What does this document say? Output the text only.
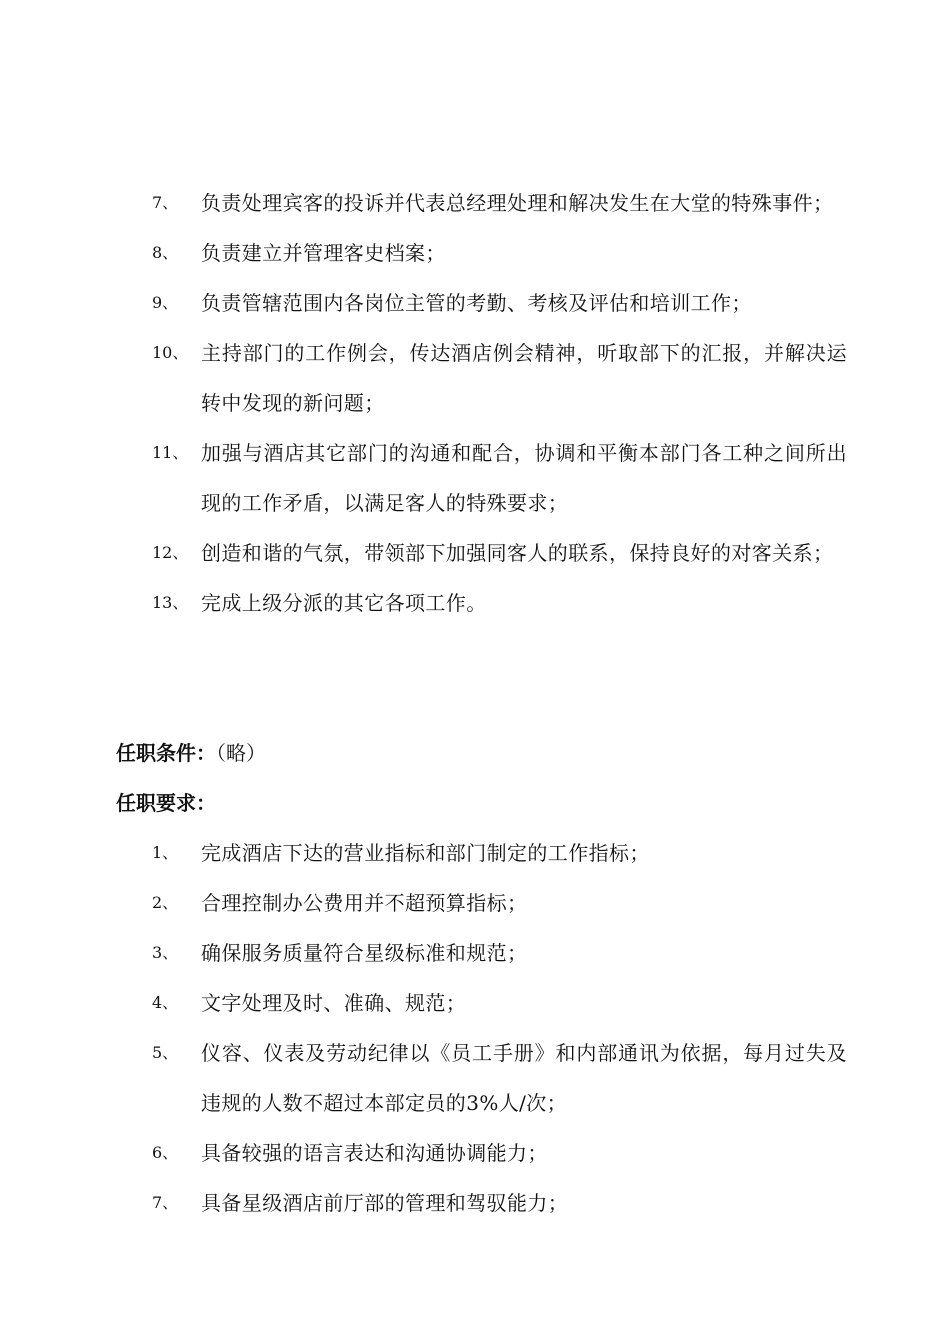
7、	负责处理宾客的投诉并代表总经理处理和解决发生在大堂的特殊事件；
8、	负责建立并管理客史档案；
9、	负责管辖范围内各岗位主管的考勤、考核及评估和培训工作；
10、 主持部门的工作例会，传达酒店例会精神，听取部下的汇报，并解决运转中发现的新问题；
11、 加强与酒店其它部门的沟通和配合，协调和平衡本部门各工种之间所出现的工作矛盾，以满足客人的特殊要求；
12、 创造和谐的气氛，带领部下加强同客人的联系，保持良好的对客关系；
13、 完成上级分派的其它各项工作。
任职条件：（略）
任职要求：
1、	完成酒店下达的营业指标和部门制定的工作指标；
2、	合理控制办公费用并不超预算指标；
3、	确保服务质量符合星级标准和规范；
4、	文字处理及时、准确、规范；
5、	仪容、仪表及劳动纪律以《员工手册》和内部通讯为依据，每月过失及违规的人数不超过本部定员的3%人/次；
6、	具备较强的语言表达和沟通协调能力；
7、	具备星级酒店前厅部的管理和驾驭能力；
